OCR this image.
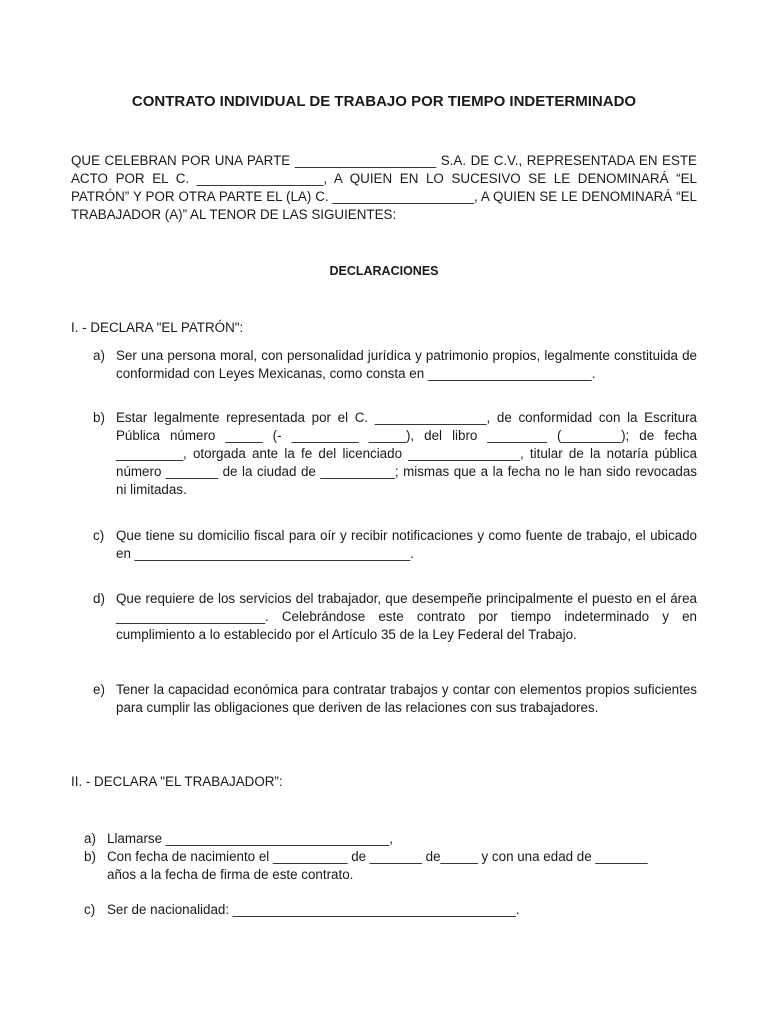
CONTRATO INDIVIDUAL DE TRABAJO POR TIEMPO INDETERMINADO
QUE CELEBRAN POR UNA PARTE ___________________ S.A. DE C.V., REPRESENTADA EN ESTE ACTO POR EL C. _________________, A QUIEN EN LO SUCESIVO SE LE DENOMINARÁ “EL PATRÓN” Y POR OTRA PARTE EL (LA) C. ___________________, A QUIEN SE LE DENOMINARÁ “EL TRABAJADOR (A)” AL TENOR DE LAS SIGUIENTES:
DECLARACIONES
I. - DECLARA "EL PATRÓN":
a) Ser una persona moral, con personalidad jurídica y patrimonio propios, legalmente constituida de conformidad con Leyes Mexicanas, como consta en ______________________.
b) Estar legalmente representada por el C. _______________, de conformidad con la Escritura Pública número _____ (- _________ _____), del libro ________ (________); de fecha _________, otorgada ante la fe del licenciado _______________, titular de la notaría pública número _______ de la ciudad de __________; mismas que a la fecha no le han sido revocadas ni limitadas.
c) Que tiene su domicilio fiscal para oír y recibir notificaciones y como fuente de trabajo, el ubicado en _____________________________________.
d) Que requiere de los servicios del trabajador, que desempeñe principalmente el puesto en el área ____________________. Celebrándose este contrato por tiempo indeterminado y en cumplimiento a lo establecido por el Artículo 35 de la Ley Federal del Trabajo.
e) Tener la capacidad económica para contratar trabajos y contar con elementos propios suficientes para cumplir las obligaciones que deriven de las relaciones con sus trabajadores.
II. - DECLARA "EL TRABAJADOR”:
a) Llamarse ______________________________,
b) Con fecha de nacimiento el __________ de _______ de_____ y con una edad de _______ años a la fecha de firma de este contrato.
c) Ser de nacionalidad: ______________________________________.
